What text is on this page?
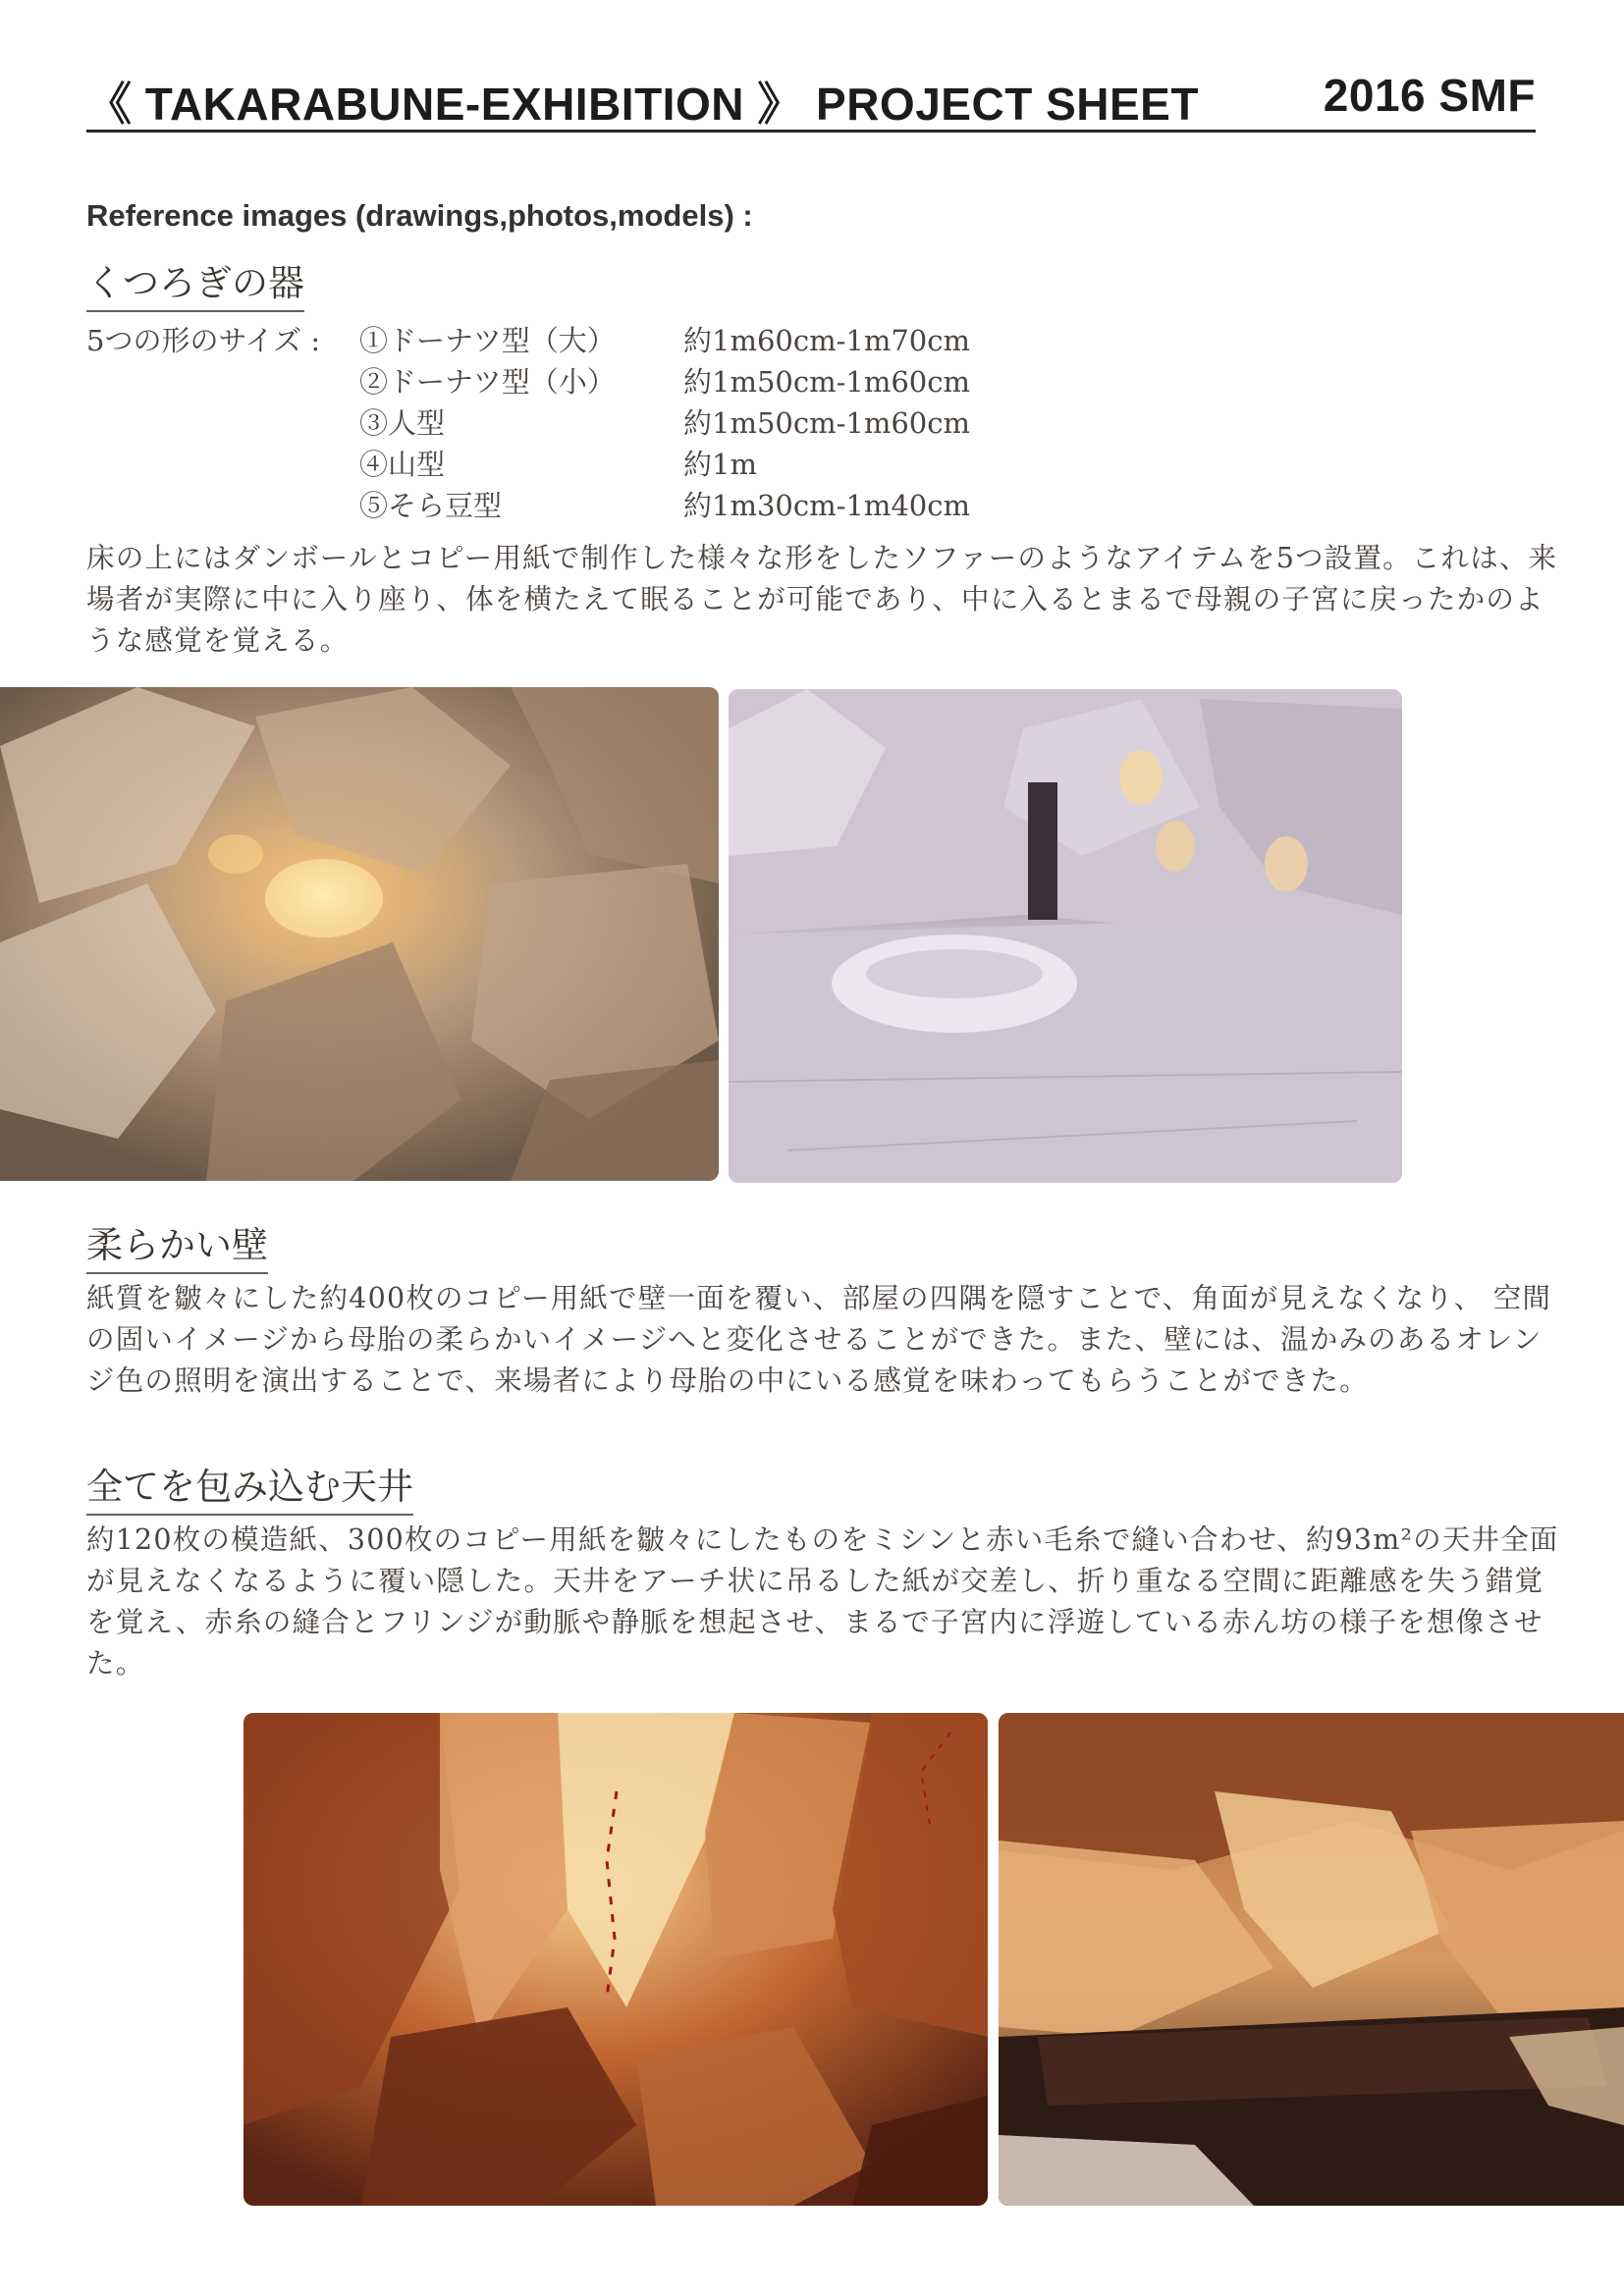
《 TAKARABUNE-EXHIBITION 》 PROJECT SHEET	2016 SMF
Reference images (drawings,photos,models) :
くつろぎの器
5つの形のサイズ : ①ドーナツ型（大） 約1m60cm-1m70cm
②ドーナツ型（小） 約1m50cm-1m60cm
③人型	約1m50cm-1m60cm
④山型	約1m
⑤そら豆型	約1m30cm-1m40cm
床の上にはダンボールとコピー用紙で制作した様々な形をしたソファーのようなアイテムを5つ設置。これは、来場者が実際に中に入り座り、体を横たえて眠ることが可能であり、中に入るとまるで母親の子宮に戻ったかのような感覚を覚える。
柔らかい壁
紙質を皺々にした約400枚のコピー用紙で壁一面を覆い、部屋の四隅を隠すことで、角面が見えなくなり、 空間の固いイメージから母胎の柔らかいイメージへと変化させることができた。また、壁には、温かみのあるオレンジ色の照明を演出することで、来場者により母胎の中にいる感覚を味わってもらうことができた。
全てを包み込む天井
約120枚の模造紙、300枚のコピー用紙を皺々にしたものをミシンと赤い毛糸で縫い合わせ、約93m²の天井全面が見えなくなるように覆い隠した。天井をアーチ状に吊るした紙が交差し、折り重なる空間に距離感を失う錯覚を覚え、赤糸の縫合とフリンジが動脈や静脈を想起させ、まるで子宮内に浮遊している赤ん坊の様子を想像させた。
